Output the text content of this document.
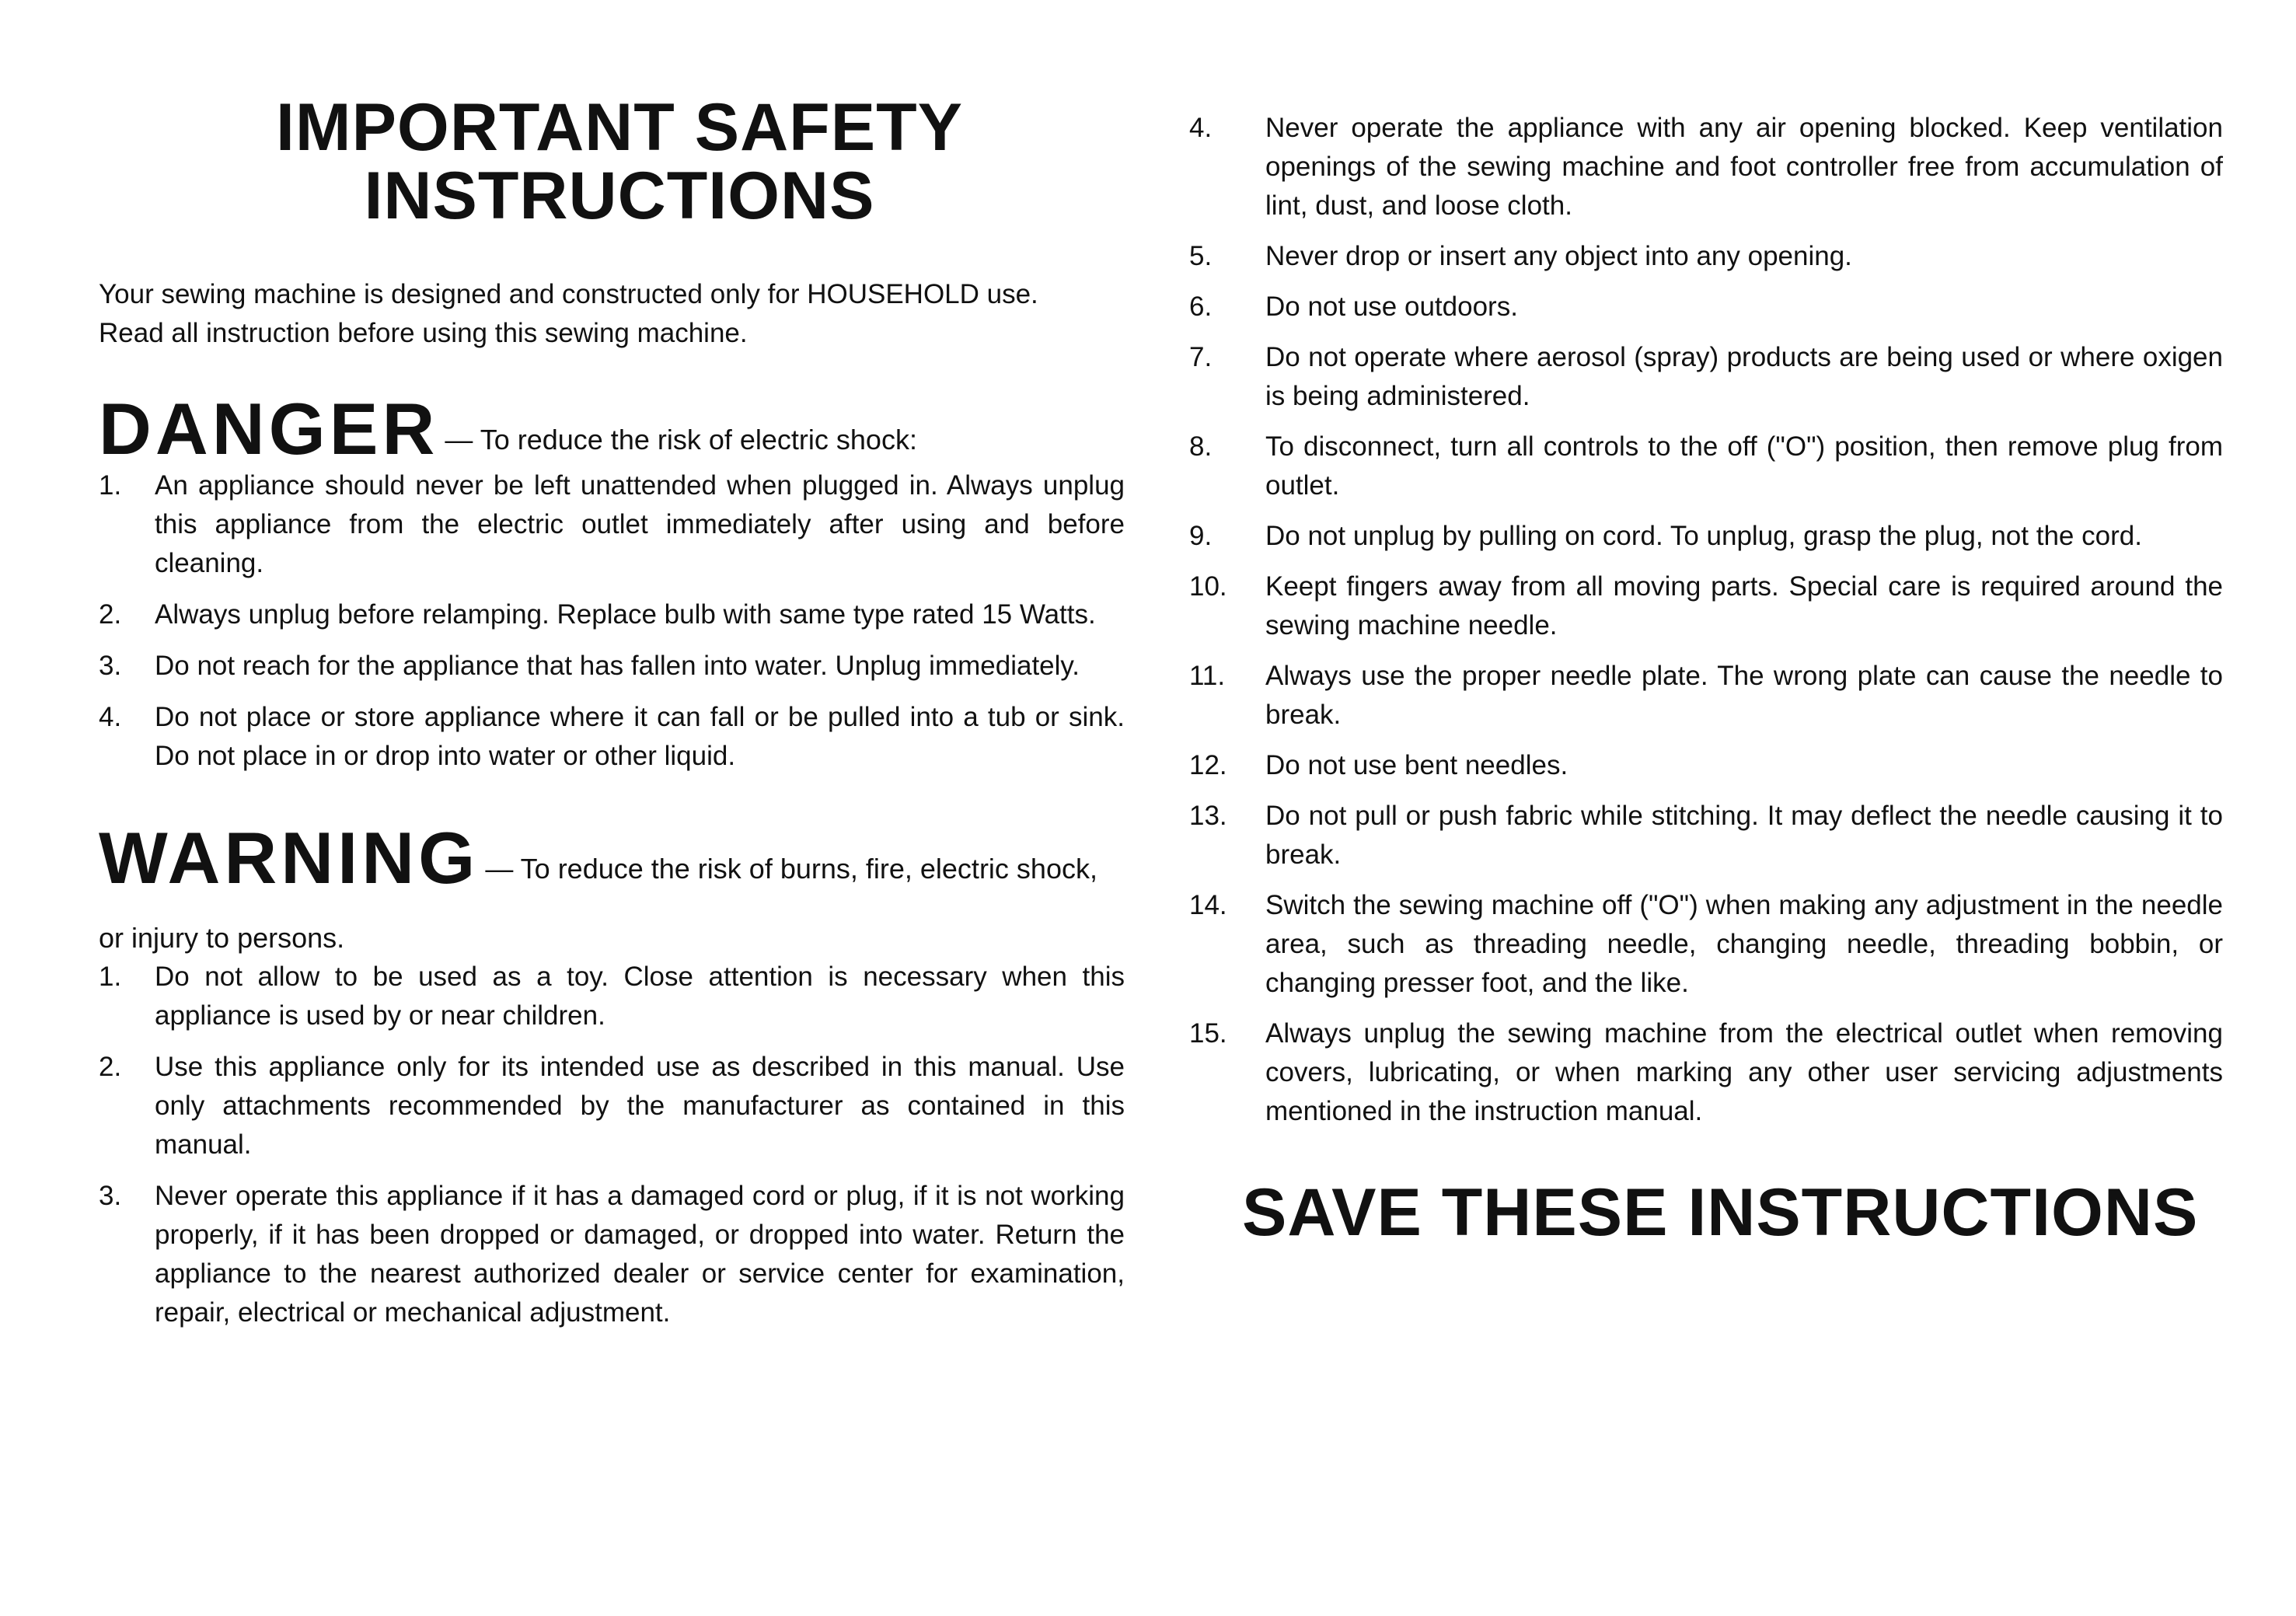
IMPORTANT SAFETY
INSTRUCTIONS
Your sewing machine is designed and constructed only for HOUSEHOLD use.
Read all instruction before using this sewing machine.
DANGER — To reduce the risk of electric shock:
1.	An appliance should never be left unattended when plugged in. Always unplug this appliance from the electric outlet immediately after using and before cleaning.
2.	Always unplug before relamping. Replace bulb with same type rated 15 Watts.
3.	Do not reach for the appliance that has fallen into water. Unplug immediately.
4.	Do not place or store appliance where it can fall or be pulled into a tub or sink. Do not place in or drop into water or other liquid.
WARNING — To reduce the risk of burns, fire, electric shock,
or injury to persons.
1.	Do not allow to be used as a toy. Close attention is necessary when this appliance is used by or near children.
2.	Use this appliance only for its intended use as described in this manual. Use only attachments recommended by the manufacturer as contained in this manual.
3.	Never operate this appliance if it has a damaged cord or plug, if it is not working properly, if it has been dropped or damaged, or dropped into water. Return the appliance to the nearest authorized dealer or service center for examination, repair, electrical or mechanical adjustment.
4.	Never operate the appliance with any air opening blocked. Keep ventilation openings of the sewing machine and foot controller free from accumulation of lint, dust, and loose cloth.
5.	Never drop or insert any object into any opening.
6.	Do not use outdoors.
7.	Do not operate where aerosol (spray) products are being used or where oxigen is being administered.
8.	To disconnect, turn all controls to the off ("O") position, then remove plug from outlet.
9.	Do not unplug by pulling on cord. To unplug, grasp the plug, not the cord.
10.	Keept fingers away from all moving parts. Special care is required around the sewing machine needle.
11.	Always use the proper needle plate. The wrong plate can cause the needle to break.
12.	Do not use bent needles.
13.	Do not pull or push fabric while stitching. It may deflect the needle causing it to break.
14.	Switch the sewing machine off ("O") when making any adjustment in the needle area, such as threading needle, changing needle, threading bobbin, or changing presser foot, and the like.
15.	Always unplug the sewing machine from the electrical outlet when removing covers, lubricating, or when marking any other user servicing adjustments mentioned in the instruction manual.
SAVE THESE INSTRUCTIONS
